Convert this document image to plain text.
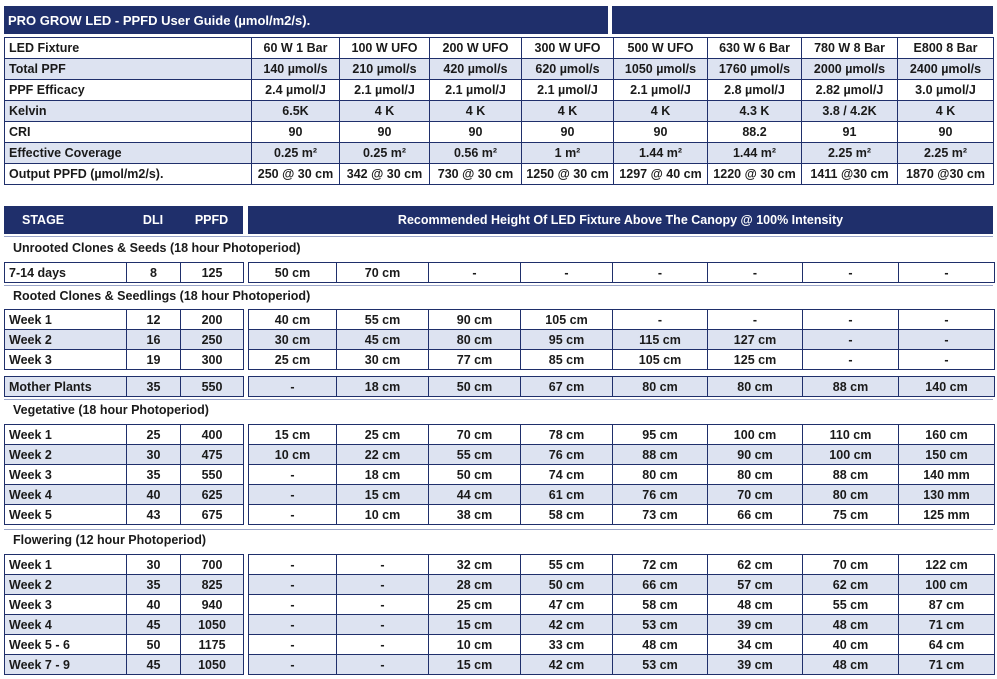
PRO GROW LED - PPFD User Guide (µmol/m2/s).
LED Fixture	60 W 1 Bar	100 W UFO	200 W UFO	300 W UFO	500 W UFO	630 W 6 Bar	780 W 8 Bar	E800 8 Bar
Total PPF	140 µmol/s	210 µmol/s	420 µmol/s	620 µmol/s	1050 µmol/s	1760 µmol/s	2000 µmol/s	2400 µmol/s
PPF Efficacy	2.4 µmol/J	2.1 µmol/J	2.1 µmol/J	2.1 µmol/J	2.1 µmol/J	2.8 µmol/J	2.82 µmol/J	3.0 µmol/J
Kelvin	6.5K	4 K	4 K	4 K	4 K	4.3 K	3.8 / 4.2K	4 K
CRI	90	90	90	90	90	88.2	91	90
Effective Coverage	0.25 m²	0.25 m²	0.56 m²	1 m²	1.44 m²	1.44 m²	2.25 m²	2.25 m²
Output PPFD (µmol/m2/s).	250 @ 30 cm	342 @ 30 cm	730 @ 30 cm	1250 @ 30 cm	1297 @ 40 cm	1220 @ 30 cm	1411 @30 cm	1870 @30 cm
STAGE	DLI	PPFD	Recommended Height Of LED Fixture Above The Canopy @ 100% Intensity
Unrooted Clones & Seeds (18 hour Photoperiod)
7-14 days	8	125		50 cm	70 cm	-	-	-	-	-	-
Rooted Clones & Seedlings (18 hour Photoperiod)
Week 1	12	200		40 cm	55 cm	90 cm	105 cm	-	-	-	-
Week 2	16	250		30 cm	45 cm	80 cm	95 cm	115 cm	127 cm	-	-
Week 3	19	300		25 cm	30 cm	77 cm	85 cm	105 cm	125 cm	-	-
Mother Plants	35	550		-	18 cm	50 cm	67 cm	80 cm	80 cm	88 cm	140 cm
Vegetative (18 hour Photoperiod)
Week 1	25	400		15 cm	25 cm	70 cm	78 cm	95 cm	100 cm	110 cm	160 cm
Week 2	30	475		10 cm	22 cm	55 cm	76 cm	88 cm	90 cm	100 cm	150 cm
Week 3	35	550		-	18 cm	50 cm	74 cm	80 cm	80 cm	88 cm	140 mm
Week 4	40	625		-	15 cm	44 cm	61 cm	76 cm	70 cm	80 cm	130 mm
Week 5	43	675		-	10 cm	38 cm	58 cm	73 cm	66 cm	75 cm	125 mm
Flowering (12 hour Photoperiod)
Week 1	30	700		-	-	32 cm	55 cm	72 cm	62 cm	70 cm	122 cm
Week 2	35	825		-	-	28 cm	50 cm	66 cm	57 cm	62 cm	100 cm
Week 3	40	940		-	-	25 cm	47 cm	58 cm	48 cm	55 cm	87 cm
Week 4	45	1050		-	-	15 cm	42 cm	53 cm	39 cm	48 cm	71 cm
Week 5 - 6	50	1175		-	-	10 cm	33 cm	48 cm	34 cm	40 cm	64 cm
Week 7 - 9	45	1050		-	-	15 cm	42 cm	53 cm	39 cm	48 cm	71 cm
